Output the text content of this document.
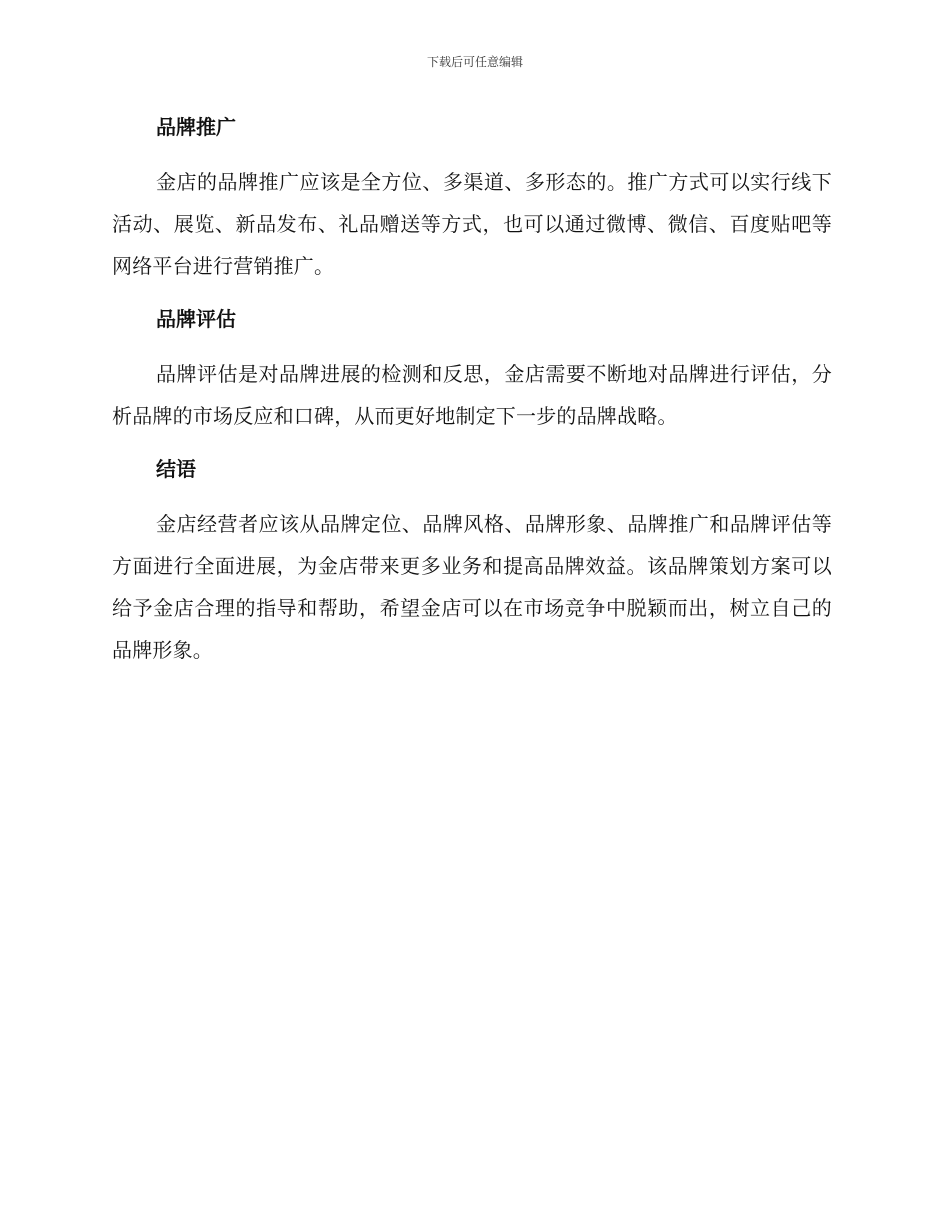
下载后可任意编辑
品牌推广

金店的品牌推广应该是全方位、多渠道、多形态的。推广方式可以实行线下活动、展览、新品发布、礼品赠送等方式，也可以通过微博、微信、百度贴吧等网络平台进行营销推广。

品牌评估

品牌评估是对品牌进展的检测和反思，金店需要不断地对品牌进行评估，分析品牌的市场反应和口碑，从而更好地制定下一步的品牌战略。

结语

金店经营者应该从品牌定位、品牌风格、品牌形象、品牌推广和品牌评估等方面进行全面进展，为金店带来更多业务和提高品牌效益。该品牌策划方案可以给予金店合理的指导和帮助，希望金店可以在市场竞争中脱颖而出，树立自己的品牌形象。
